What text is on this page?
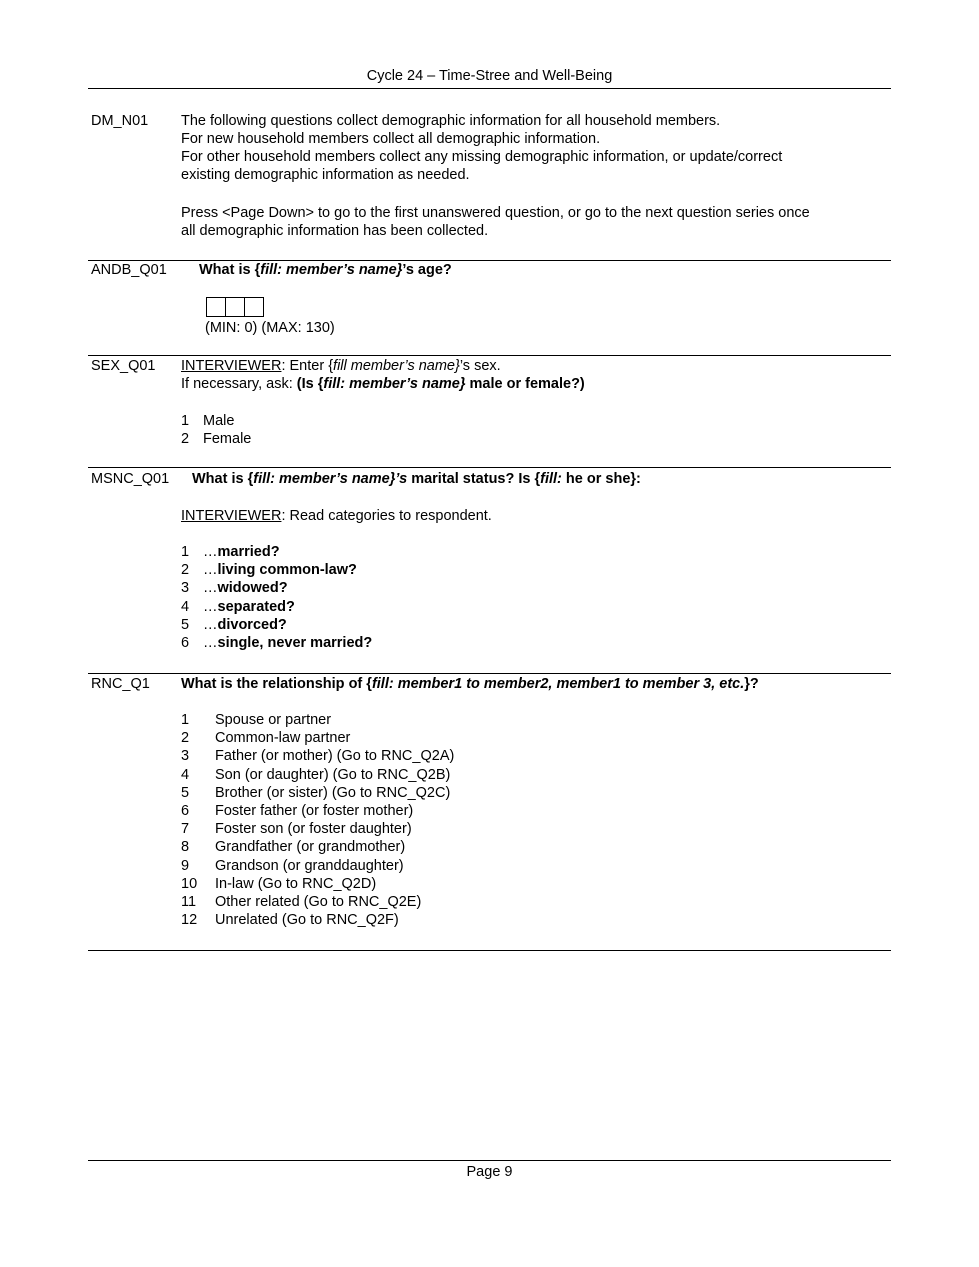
Cycle 24 – Time-Stree and Well-Being
DM_N01 The following questions collect demographic information for all household members.
For new household members collect all demographic information.
For other household members collect any missing demographic information, or update/correct
existing demographic information as needed.
Press <Page Down> to go to the first unanswered question, or go to the next question series once
all demographic information has been collected.
ANDB_Q01 What is {fill: member’s name}’s age?
(MIN: 0) (MAX: 130)
SEX_Q01 INTERVIEWER: Enter {fill member’s name}’s sex.
If necessary, ask: (Is {fill: member’s name} male or female?)
1 Male
2 Female
MSNC_Q01 What is {fill: member’s name}’s marital status? Is {fill: he or she}:
INTERVIEWER: Read categories to respondent.
1 …married?
2 …living common-law?
3 …widowed?
4 …separated?
5 …divorced?
6 …single, never married?
RNC_Q1 What is the relationship of {fill: member1 to member2, member1 to member 3, etc.}?
1 Spouse or partner
2 Common-law partner
3 Father (or mother) (Go to RNC_Q2A)
4 Son (or daughter) (Go to RNC_Q2B)
5 Brother (or sister) (Go to RNC_Q2C)
6 Foster father (or foster mother)
7 Foster son (or foster daughter)
8 Grandfather (or grandmother)
9 Grandson (or granddaughter)
10 In-law (Go to RNC_Q2D)
11 Other related (Go to RNC_Q2E)
12 Unrelated (Go to RNC_Q2F)
Page 9
